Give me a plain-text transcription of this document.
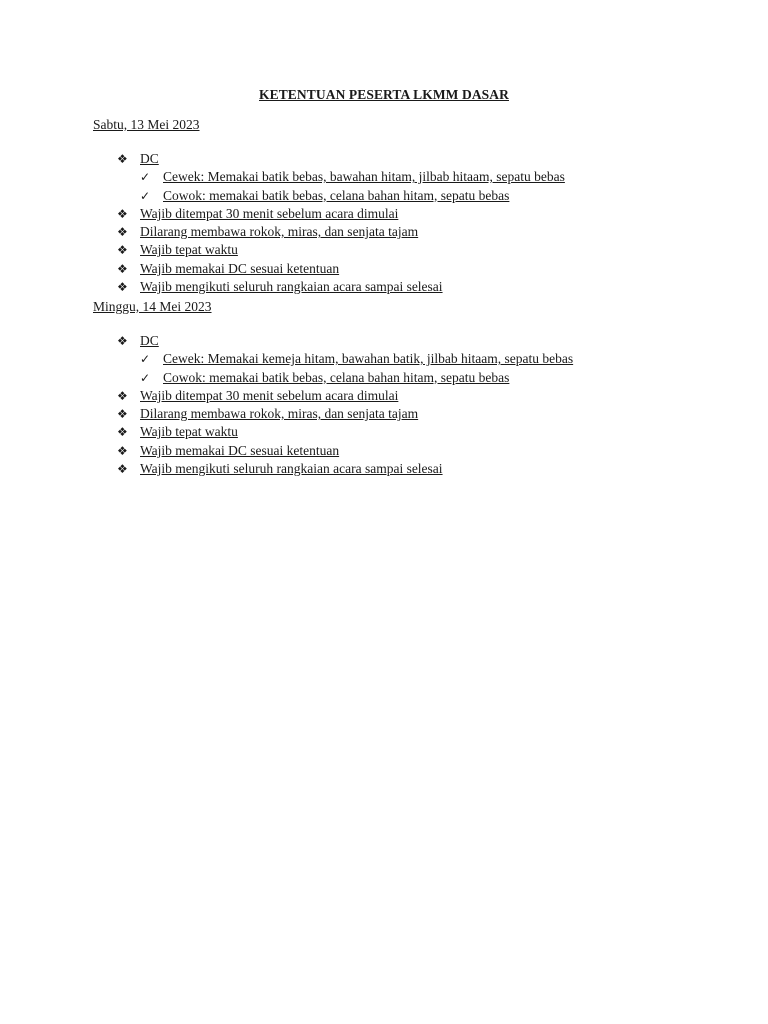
KETENTUAN PESERTA LKMM DASAR
Sabtu, 13 Mei 2023
❖ DC
✓ Cewek: Memakai batik bebas, bawahan hitam, jilbab hitaam, sepatu bebas
✓ Cowok: memakai batik bebas, celana bahan hitam, sepatu bebas
❖ Wajib ditempat 30 menit sebelum acara dimulai
❖ Dilarang membawa rokok, miras, dan senjata tajam
❖ Wajib tepat waktu
❖ Wajib memakai DC sesuai ketentuan
❖ Wajib mengikuti seluruh rangkaian acara sampai selesai
Minggu, 14 Mei 2023
❖ DC
✓ Cewek: Memakai kemeja hitam, bawahan batik, jilbab hitaam, sepatu bebas
✓ Cowok: memakai batik bebas, celana bahan hitam, sepatu bebas
❖ Wajib ditempat 30 menit sebelum acara dimulai
❖ Dilarang membawa rokok, miras, dan senjata tajam
❖ Wajib tepat waktu
❖ Wajib memakai DC sesuai ketentuan
❖ Wajib mengikuti seluruh rangkaian acara sampai selesai
